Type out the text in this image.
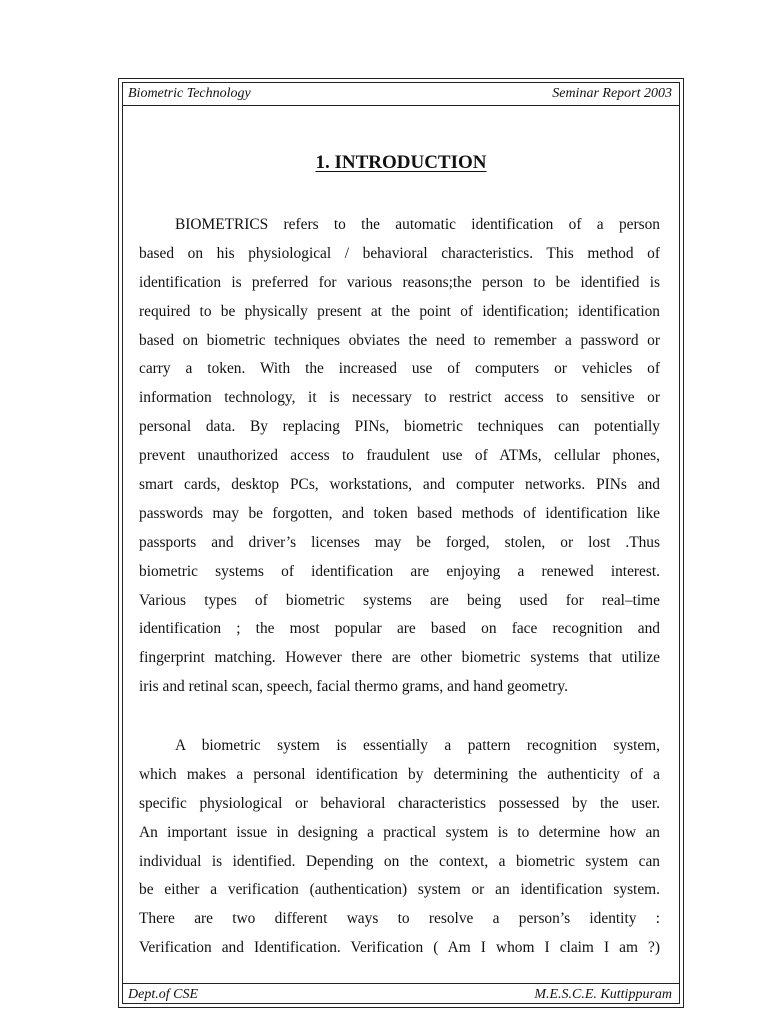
Biometric Technology	Seminar Report 2003
1. INTRODUCTION
BIOMETRICS refers to the automatic identification of a person
based on his physiological / behavioral characteristics. This method of
identification is preferred for various reasons;the person to be identified is
required to be physically present at the point of identification; identification
based on biometric techniques obviates the need to remember a password or
carry a token. With the increased use of computers or vehicles of
information technology, it is necessary to restrict access to sensitive or
personal data. By replacing PINs, biometric techniques can potentially
prevent unauthorized access to fraudulent use of ATMs, cellular phones,
smart cards, desktop PCs, workstations, and computer networks. PINs and
passwords may be forgotten, and token based methods of identification like
passports and driver’s licenses may be forged, stolen, or lost .Thus
biometric systems of identification are enjoying a renewed interest.
Various types of biometric systems are being used for real–time
identification ; the most popular are based on face recognition and
fingerprint matching. However there are other biometric systems that utilize
iris and retinal scan, speech, facial thermo grams, and hand geometry.
A biometric system is essentially a pattern recognition system,
which makes a personal identification by determining the authenticity of a
specific physiological or behavioral characteristics possessed by the user.
An important issue in designing a practical system is to determine how an
individual is identified. Depending on the context, a biometric system can
be either a verification (authentication) system or an identification system.
There are two different ways to resolve a person’s identity :
Verification and Identification. Verification ( Am I whom I claim I am ?)
Dept.of CSE	M.E.S.C.E. Kuttippuram
